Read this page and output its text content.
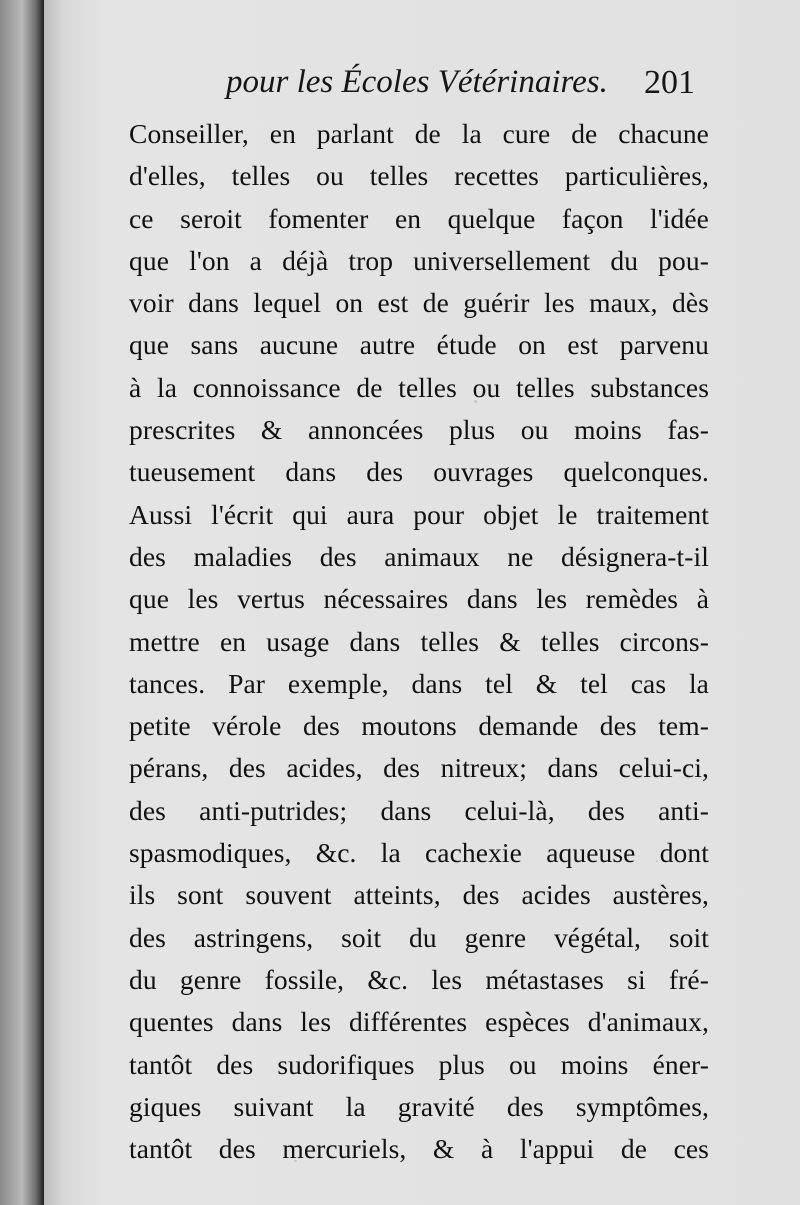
pour les Écoles Vétérinaires. 201
Conseiller, en parlant de la cure de chacune
d'elles, telles ou telles recettes particulières,
ce seroit fomenter en quelque façon l'idée
que l'on a déjà trop universellement du pou-
voir dans lequel on est de guérir les maux, dès
que sans aucune autre étude on est parvenu
à la connoissance de telles ou telles substances
prescrites & annoncées plus ou moins fas-
tueusement dans des ouvrages quelconques.
Aussi l'écrit qui aura pour objet le traitement
des maladies des animaux ne désignera-t-il
que les vertus nécessaires dans les remèdes à
mettre en usage dans telles & telles circons-
tances. Par exemple, dans tel & tel cas la
petite vérole des moutons demande des tem-
pérans, des acides, des nitreux; dans celui-ci,
des anti-putrides; dans celui-là, des anti-
spasmodiques, &c. la cachexie aqueuse dont
ils sont souvent atteints, des acides austères,
des astringens, soit du genre végétal, soit
du genre fossile, &c. les métastases si fré-
quentes dans les différentes espèces d'animaux,
tantôt des sudorifiques plus ou moins éner-
giques suivant la gravité des symptômes,
tantôt des mercuriels, & à l'appui de ces
